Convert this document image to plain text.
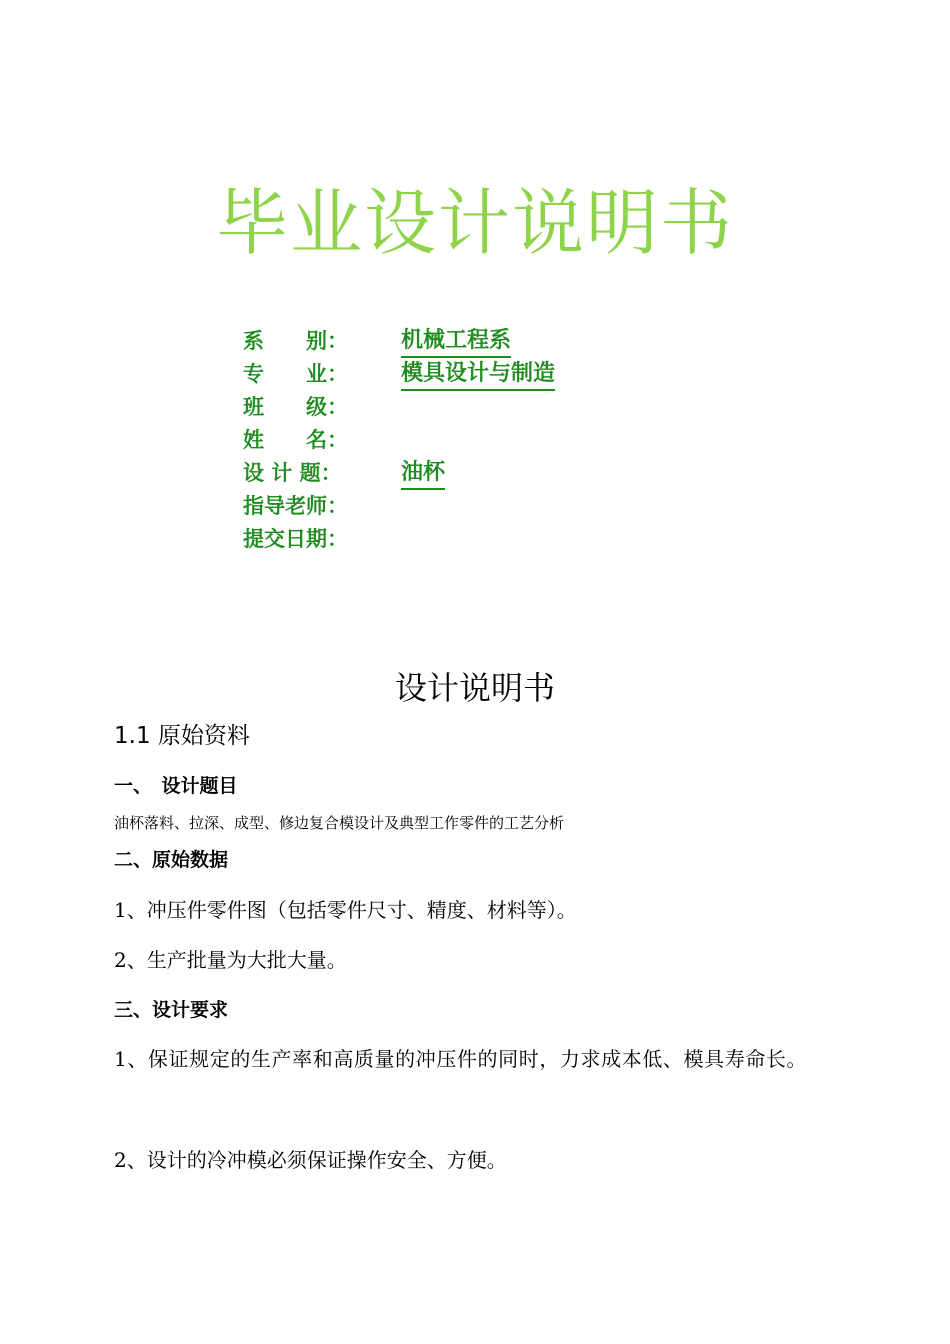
毕业设计说明书
系　　别：	机械工程系
专　　业：	模具设计与制造
班　　级：
姓　　名：
设 计 题：	油杯
指导老师：
提交日期：
设计说明书
1.1 原始资料
一、　设计题目
油杯落料、拉深、成型、修边复合模设计及典型工作零件的工艺分析
二、原始数据
1、冲压件零件图（包括零件尺寸、精度、材料等）。
2、生产批量为大批大量。
三、设计要求
1、保证规定的生产率和高质量的冲压件的同时，力求成本低、模具寿命长。
2、设计的冷冲模必须保证操作安全、方便。
